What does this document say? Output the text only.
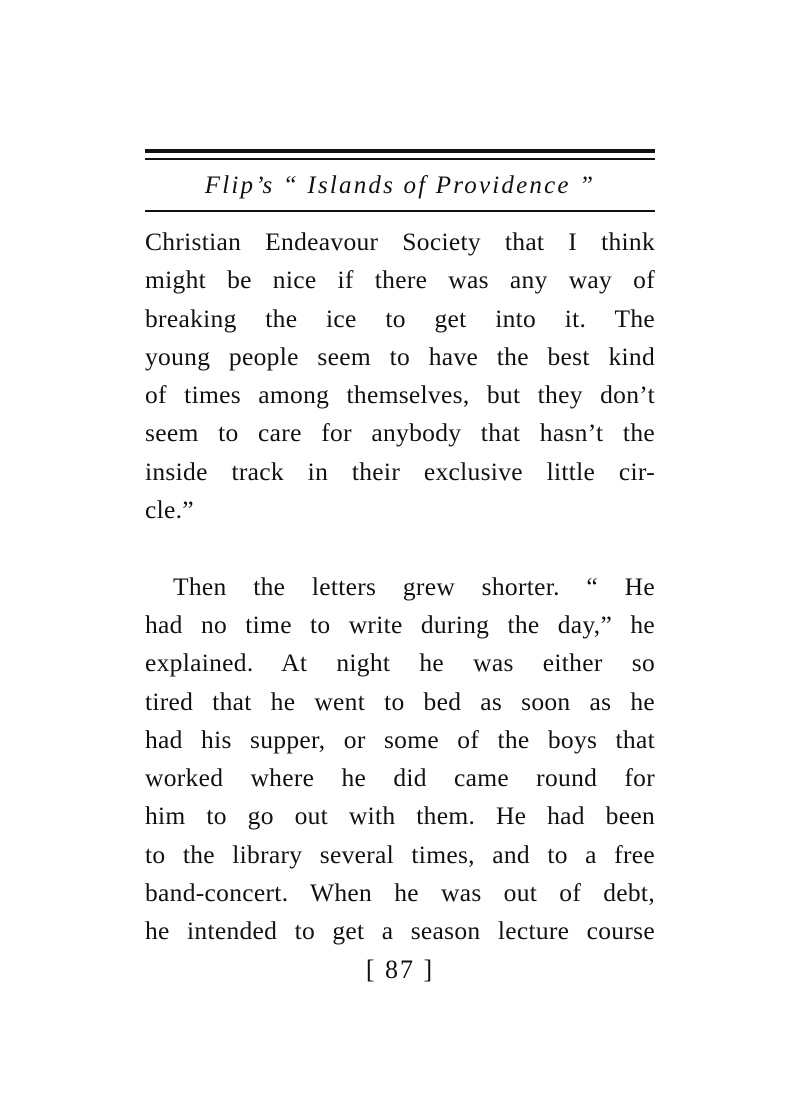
Flip’s “ Islands of Providence ”
Christian Endeavour Society that I think
might be nice if there was any way of
breaking the ice to get into it. The
young people seem to have the best kind
of times among themselves, but they don’t
seem to care for anybody that hasn’t the
inside track in their exclusive little cir-
cle.”
Then the letters grew shorter. “ He
had no time to write during the day,” he
explained. At night he was either so
tired that he went to bed as soon as he
had his supper, or some of the boys that
worked where he did came round for
him to go out with them. He had been
to the library several times, and to a free
band-concert. When he was out of debt,
he intended to get a season lecture course
[ 87 ]
